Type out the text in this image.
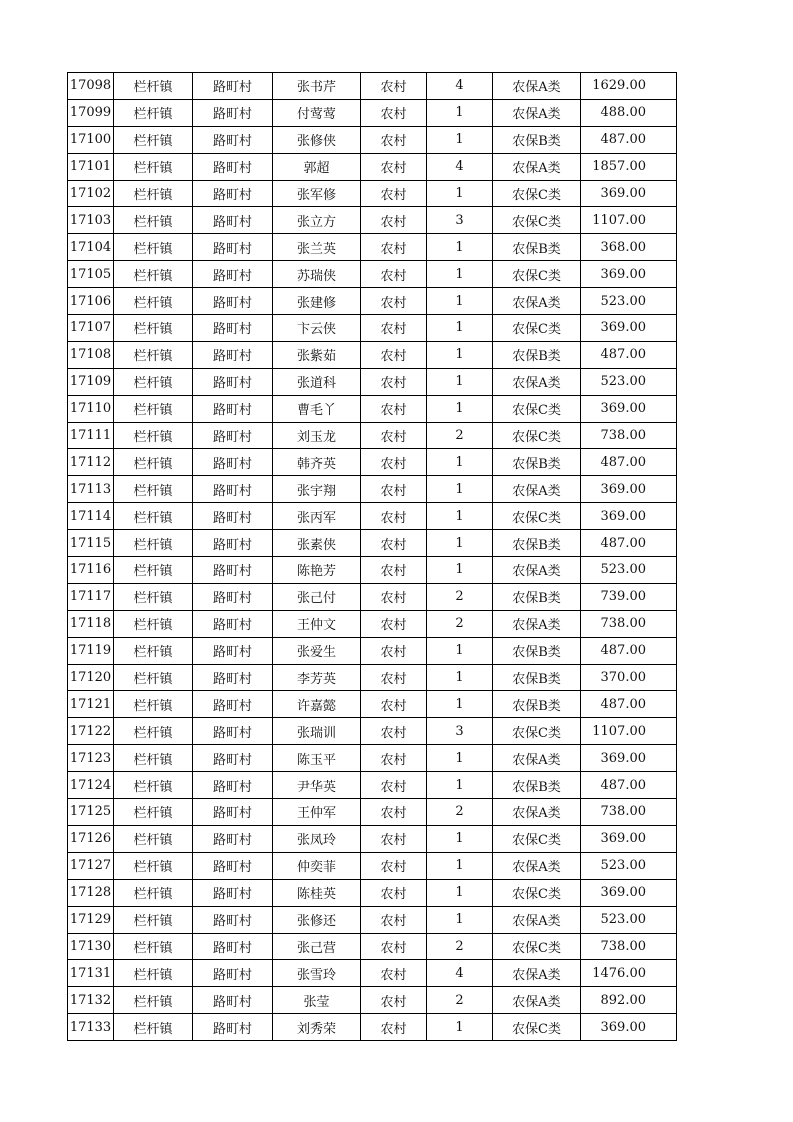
17098	栏杆镇	路町村	张书芹	农村	4	农保A类	1629.00
17099	栏杆镇	路町村	付莺莺	农村	1	农保A类	488.00
17100	栏杆镇	路町村	张修侠	农村	1	农保B类	487.00
17101	栏杆镇	路町村	郭超	农村	4	农保A类	1857.00
17102	栏杆镇	路町村	张军修	农村	1	农保C类	369.00
17103	栏杆镇	路町村	张立方	农村	3	农保C类	1107.00
17104	栏杆镇	路町村	张兰英	农村	1	农保B类	368.00
17105	栏杆镇	路町村	苏瑞侠	农村	1	农保C类	369.00
17106	栏杆镇	路町村	张建修	农村	1	农保A类	523.00
17107	栏杆镇	路町村	卞云侠	农村	1	农保C类	369.00
17108	栏杆镇	路町村	张紫茹	农村	1	农保B类	487.00
17109	栏杆镇	路町村	张道科	农村	1	农保A类	523.00
17110	栏杆镇	路町村	曹毛丫	农村	1	农保C类	369.00
17111	栏杆镇	路町村	刘玉龙	农村	2	农保C类	738.00
17112	栏杆镇	路町村	韩齐英	农村	1	农保B类	487.00
17113	栏杆镇	路町村	张宇翔	农村	1	农保A类	369.00
17114	栏杆镇	路町村	张丙军	农村	1	农保C类	369.00
17115	栏杆镇	路町村	张素侠	农村	1	农保B类	487.00
17116	栏杆镇	路町村	陈艳芳	农村	1	农保A类	523.00
17117	栏杆镇	路町村	张己付	农村	2	农保B类	739.00
17118	栏杆镇	路町村	王仲文	农村	2	农保A类	738.00
17119	栏杆镇	路町村	张爱生	农村	1	农保B类	487.00
17120	栏杆镇	路町村	李芳英	农村	1	农保B类	370.00
17121	栏杆镇	路町村	许嘉懿	农村	1	农保B类	487.00
17122	栏杆镇	路町村	张瑞训	农村	3	农保C类	1107.00
17123	栏杆镇	路町村	陈玉平	农村	1	农保A类	369.00
17124	栏杆镇	路町村	尹华英	农村	1	农保B类	487.00
17125	栏杆镇	路町村	王仲军	农村	2	农保A类	738.00
17126	栏杆镇	路町村	张凤玲	农村	1	农保C类	369.00
17127	栏杆镇	路町村	仲奕菲	农村	1	农保A类	523.00
17128	栏杆镇	路町村	陈桂英	农村	1	农保C类	369.00
17129	栏杆镇	路町村	张修还	农村	1	农保A类	523.00
17130	栏杆镇	路町村	张己营	农村	2	农保C类	738.00
17131	栏杆镇	路町村	张雪玲	农村	4	农保A类	1476.00
17132	栏杆镇	路町村	张莹	农村	2	农保A类	892.00
17133	栏杆镇	路町村	刘秀荣	农村	1	农保C类	369.00
